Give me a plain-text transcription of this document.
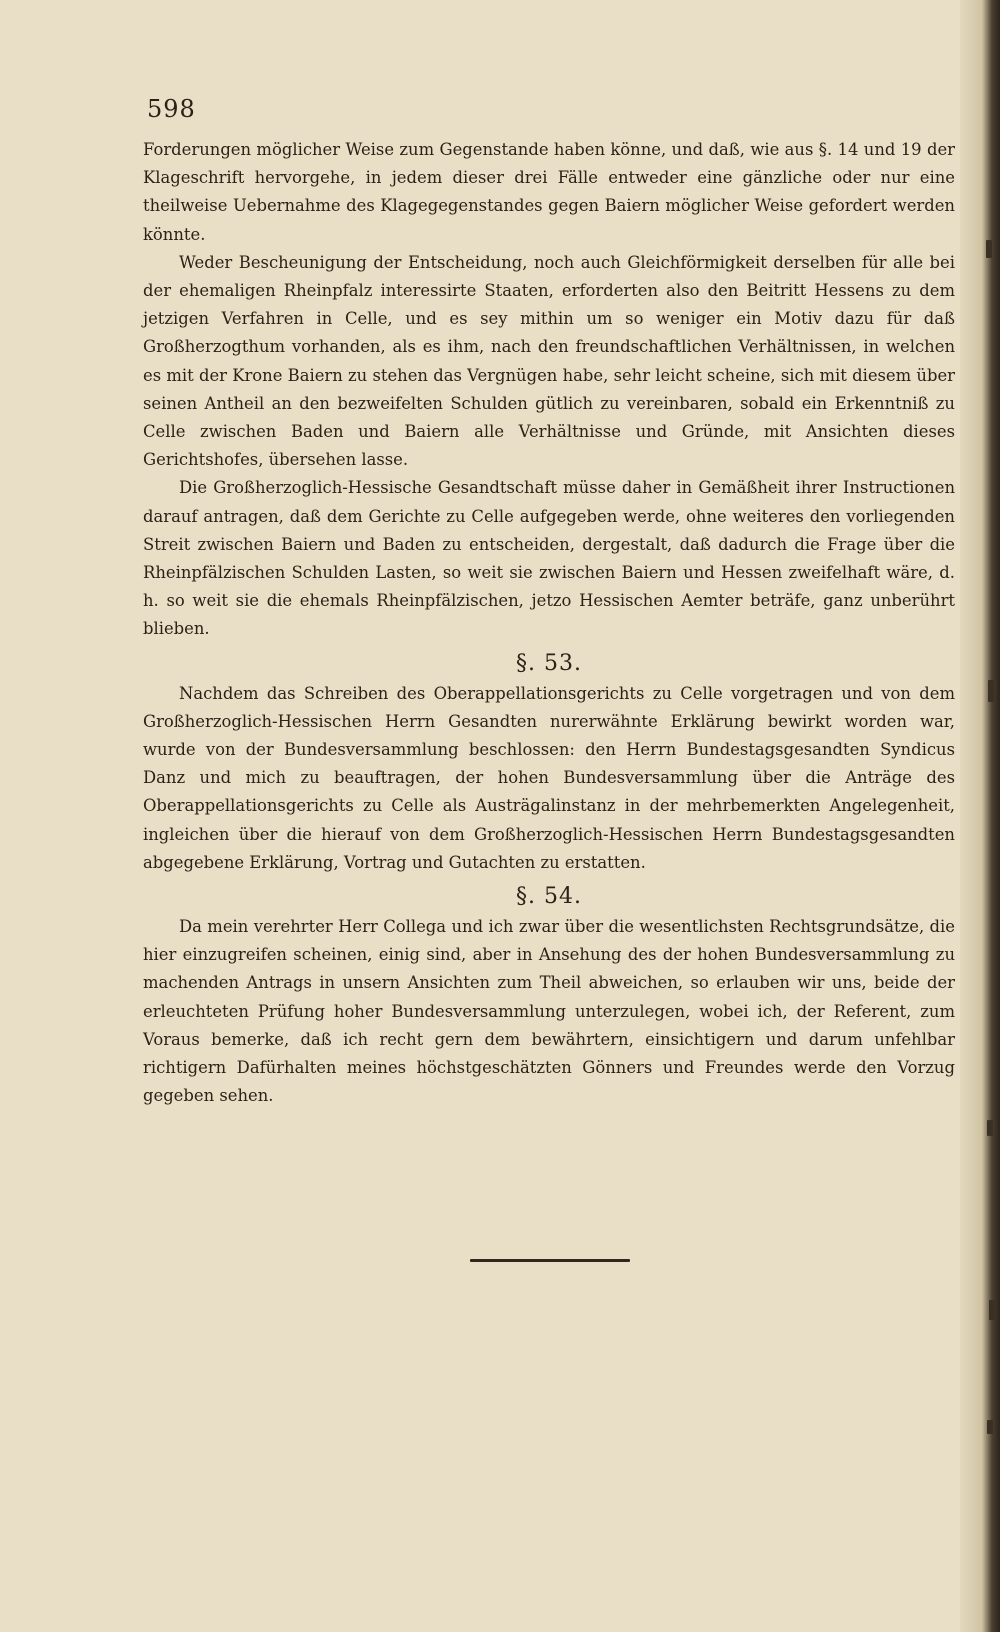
598

Forderungen möglicher Weise zum Gegenstande haben könne, und daß, wie aus §. 14 und 19 der Klageschrift hervorgehe, in jedem dieser drei Fälle entweder eine gänzliche oder nur eine theilweise Uebernahme des Klagegegenstandes gegen Baiern möglicher Weise gefordert werden könnte.

Weder Bescheunigung der Entscheidung, noch auch Gleichförmigkeit derselben für alle bei der ehemaligen Rheinpfalz interessirte Staaten, erforderten also den Beitritt Hessens zu dem jetzigen Verfahren in Celle, und es sey mithin um so weniger ein Motiv dazu für daß Großherzogthum vorhanden, als es ihm, nach den freundschaftlichen Verhältnissen, in welchen es mit der Krone Baiern zu stehen das Vergnügen habe, sehr leicht scheine, sich mit diesem über seinen Antheil an den bezweifelten Schulden gütlich zu vereinbaren, sobald ein Erkenntniß zu Celle zwischen Baden und Baiern alle Verhältnisse und Gründe, mit Ansichten dieses Gerichtshofes, übersehen lasse.

Die Großherzoglich-Hessische Gesandtschaft müsse daher in Gemäßheit ihrer Instructionen darauf antragen, daß dem Gerichte zu Celle aufgegeben werde, ohne weiteres den vorliegenden Streit zwischen Baiern und Baden zu entscheiden, dergestalt, daß dadurch die Frage über die Rheinpfälzischen Schulden Lasten, so weit sie zwischen Baiern und Hessen zweifelhaft wäre, d. h. so weit sie die ehemals Rheinpfälzischen, jetzo Hessischen Aemter beträfe, ganz unberührt blieben.

§. 53.

Nachdem das Schreiben des Oberappellationsgerichts zu Celle vorgetragen und von dem Großherzoglich-Hessischen Herrn Gesandten nurerwähnte Erklärung bewirkt worden war, wurde von der Bundesversammlung beschlossen: den Herrn Bundestagsgesandten Syndicus Danz und mich zu beauftragen, der hohen Bundesversammlung über die Anträge des Oberappellationsgerichts zu Celle als Austrägalinstanz in der mehrbemerkten Angelegenheit, ingleichen über die hierauf von dem Großherzoglich-Hessischen Herrn Bundestagsgesandten abgegebene Erklärung, Vortrag und Gutachten zu erstatten.

§. 54.

Da mein verehrter Herr Collega und ich zwar über die wesentlichsten Rechtsgrundsätze, die hier einzugreifen scheinen, einig sind, aber in Ansehung des der hohen Bundesversammlung zu machenden Antrags in unsern Ansichten zum Theil abweichen, so erlauben wir uns, beide der erleuchteten Prüfung hoher Bundesversammlung unterzulegen, wobei ich, der Referent, zum Voraus bemerke, daß ich recht gern dem bewährtern, einsichtigern und darum unfehlbar richtigern Dafürhalten meines höchstgeschätzten Gönners und Freundes werde den Vorzug gegeben sehen.
